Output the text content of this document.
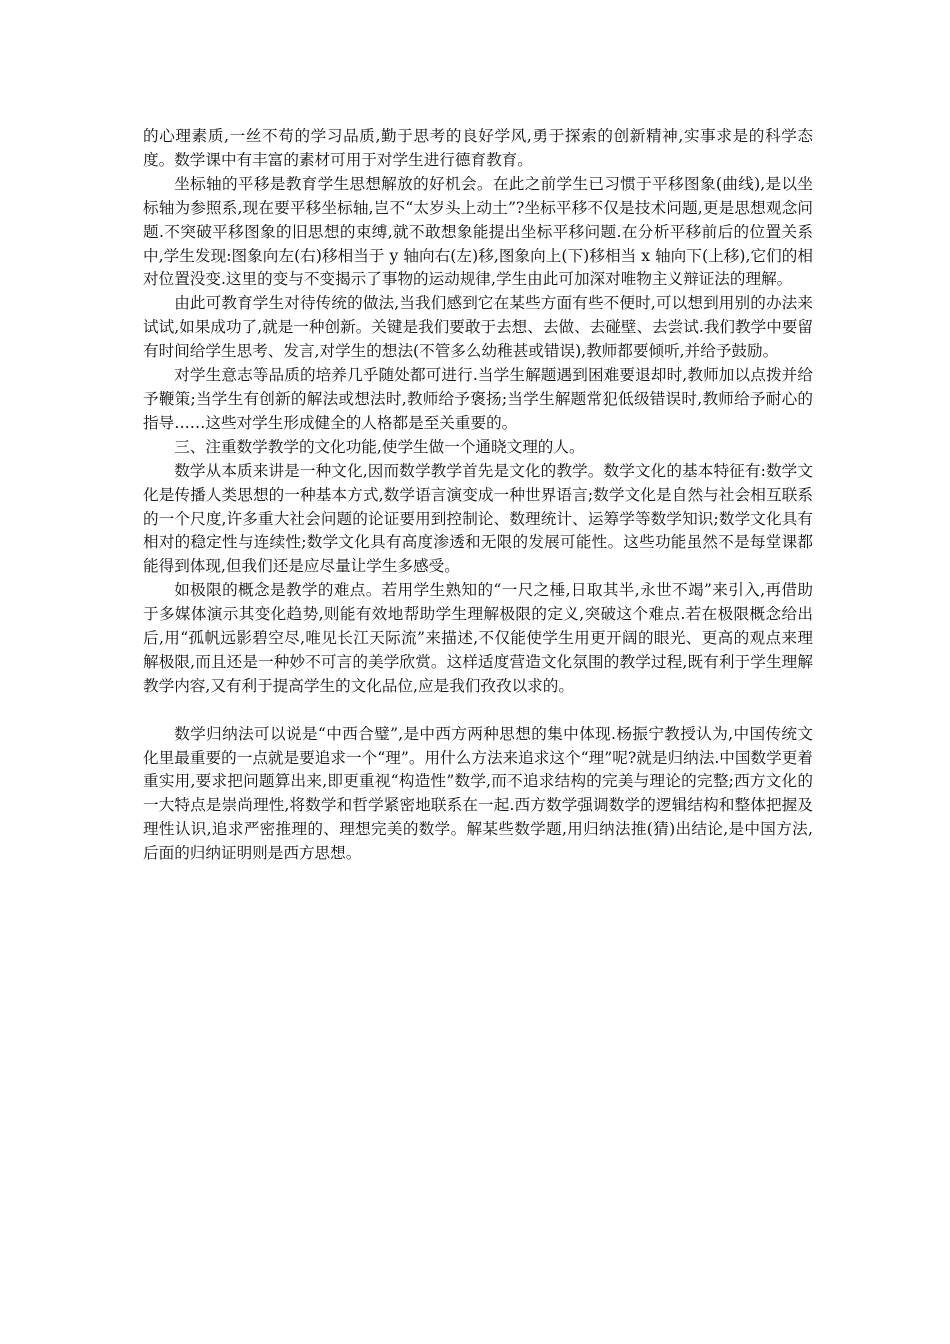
的心理素质,一丝不苟的学习品质,勤于思考的良好学风,勇于探索的创新精神,实事求是的科学态度。数学课中有丰富的素材可用于对学生进行德育教育。

坐标轴的平移是教育学生思想解放的好机会。在此之前学生已习惯于平移图象(曲线),是以坐标轴为参照系,现在要平移坐标轴,岂不“太岁头上动土”?坐标平移不仅是技术问题,更是思想观念问题.不突破平移图象的旧思想的束缚,就不敢想象能提出坐标平移问题.在分析平移前后的位置关系中,学生发现:图象向左(右)移相当于 y 轴向右(左)移,图象向上(下)移相当 x 轴向下(上移),它们的相对位置没变.这里的变与不变揭示了事物的运动规律,学生由此可加深对唯物主义辩证法的理解。

由此可教育学生对待传统的做法,当我们感到它在某些方面有些不便时,可以想到用别的办法来试试,如果成功了,就是一种创新。关键是我们要敢于去想、去做、去碰壁、去尝试.我们教学中要留有时间给学生思考、发言,对学生的想法(不管多么幼稚甚或错误),教师都要倾听,并给予鼓励。

对学生意志等品质的培养几乎随处都可进行.当学生解题遇到困难要退却时,教师加以点拨并给予鞭策;当学生有创新的解法或想法时,教师给予褒扬;当学生解题常犯低级错误时,教师给予耐心的指导……这些对学生形成健全的人格都是至关重要的。

三、注重数学教学的文化功能,使学生做一个通晓文理的人。

数学从本质来讲是一种文化,因而数学教学首先是文化的教学。数学文化的基本特征有:数学文化是传播人类思想的一种基本方式,数学语言演变成一种世界语言;数学文化是自然与社会相互联系的一个尺度,许多重大社会问题的论证要用到控制论、数理统计、运筹学等数学知识;数学文化具有相对的稳定性与连续性;数学文化具有高度渗透和无限的发展可能性。这些功能虽然不是每堂课都能得到体现,但我们还是应尽量让学生多感受。

如极限的概念是教学的难点。若用学生熟知的“一尺之棰,日取其半,永世不竭”来引入,再借助于多媒体演示其变化趋势,则能有效地帮助学生理解极限的定义,突破这个难点.若在极限概念给出后,用“孤帆远影碧空尽,唯见长江天际流”来描述,不仅能使学生用更开阔的眼光、更高的观点来理解极限,而且还是一种妙不可言的美学欣赏。这样适度营造文化氛围的教学过程,既有利于学生理解教学内容,又有利于提高学生的文化品位,应是我们孜孜以求的。

数学归纳法可以说是“中西合璧”,是中西方两种思想的集中体现.杨振宁教授认为,中国传统文化里最重要的一点就是要追求一个“理”。用什么方法来追求这个“理”呢?就是归纳法.中国数学更着重实用,要求把问题算出来,即更重视“构造性”数学,而不追求结构的完美与理论的完整;西方文化的一大特点是崇尚理性,将数学和哲学紧密地联系在一起.西方数学强调数学的逻辑结构和整体把握及理性认识,追求严密推理的、理想完美的数学。解某些数学题,用归纳法推(猜)出结论,是中国方法,后面的归纳证明则是西方思想。
